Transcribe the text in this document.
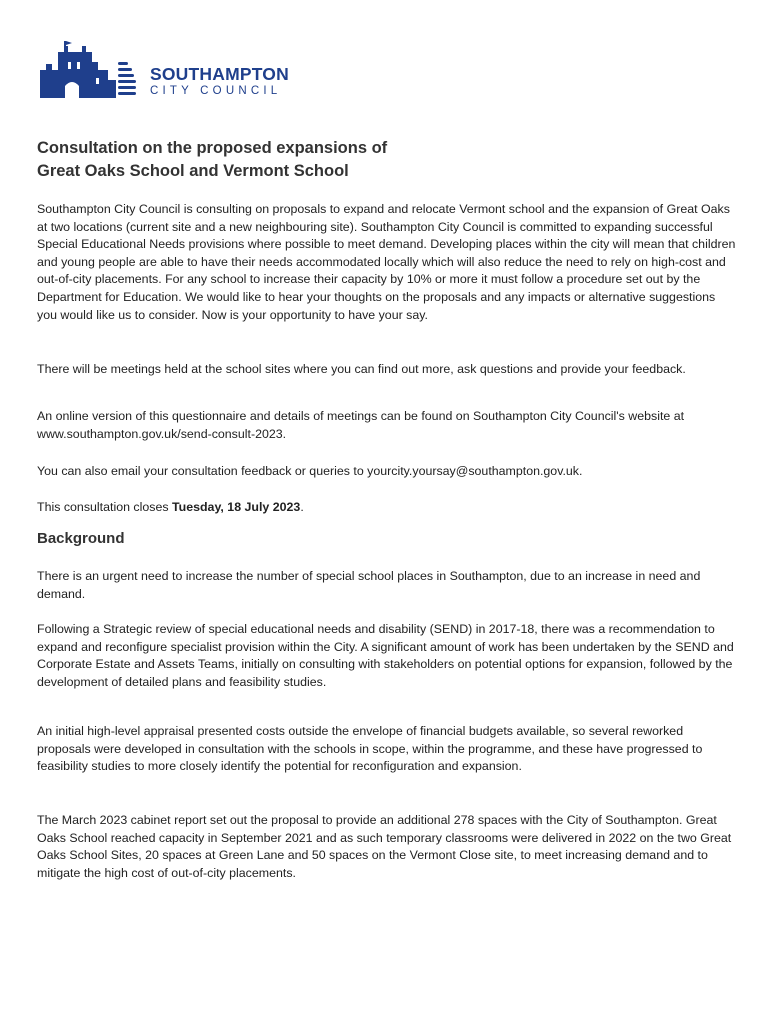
SOUTHAMPTON
CITY COUNCIL
Consultation on the proposed expansions of
Great Oaks School and Vermont School

Southampton City Council is consulting on proposals to expand and relocate Vermont school and the expansion of Great Oaks at two locations (current site and a new neighbouring site). Southampton City Council is committed to expanding successful Special Educational Needs provisions where possible to meet demand. Developing places within the city will mean that children and young people are able to have their needs accommodated locally which will also reduce the need to rely on high-cost and out-of-city placements. For any school to increase their capacity by 10% or more it must follow a procedure set out by the Department for Education. We would like to hear your thoughts on the proposals and any impacts or alternative suggestions you would like us to consider. Now is your opportunity to have your say.

There will be meetings held at the school sites where you can find out more, ask questions and provide your feedback.

An online version of this questionnaire and details of meetings can be found on Southampton City Council's website at www.southampton.gov.uk/send-consult-2023.

You can also email your consultation feedback or queries to yourcity.yoursay@southampton.gov.uk.

This consultation closes Tuesday, 18 July 2023.

Background

There is an urgent need to increase the number of special school places in Southampton, due to an increase in need and demand.

Following a Strategic review of special educational needs and disability (SEND) in 2017-18, there was a recommendation to expand and reconfigure specialist provision within the City. A significant amount of work has been undertaken by the SEND and Corporate Estate and Assets Teams, initially on consulting with stakeholders on potential options for expansion, followed by the development of detailed plans and feasibility studies.

An initial high-level appraisal presented costs outside the envelope of financial budgets available, so several reworked proposals were developed in consultation with the schools in scope, within the programme, and these have progressed to feasibility studies to more closely identify the potential for reconfiguration and expansion.

The March 2023 cabinet report set out the proposal to provide an additional 278 spaces with the City of Southampton. Great Oaks School reached capacity in September 2021 and as such temporary classrooms were delivered in 2022 on the two Great Oaks School Sites, 20 spaces at Green Lane and 50 spaces on the Vermont Close site, to meet increasing demand and to mitigate the high cost of out-of-city placements.
